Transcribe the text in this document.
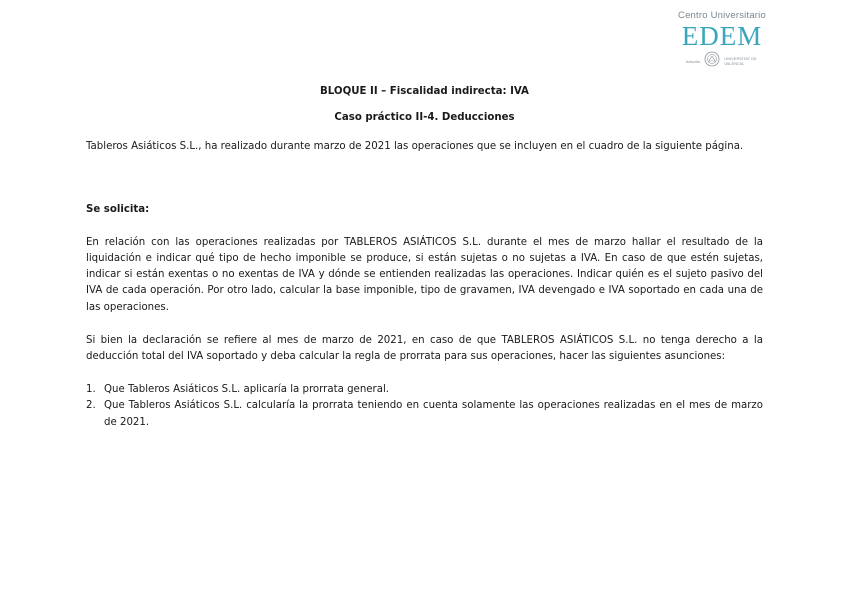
Centro Universitario
EDEM
Adscrito	UNIVERSITAT DE VALÈNCIA

BLOQUE II – Fiscalidad indirecta: IVA

Caso práctico II-4. Deducciones

Tableros Asiáticos S.L., ha realizado durante marzo de 2021 las operaciones que se incluyen en el cuadro de la siguiente página.

Se solicita:

En relación con las operaciones realizadas por TABLEROS ASIÁTICOS S.L. durante el mes de marzo hallar el resultado de la liquidación e indicar qué tipo de hecho imponible se produce, si están sujetas o no sujetas a IVA. En caso de que estén sujetas, indicar si están exentas o no exentas de IVA y dónde se entienden realizadas las operaciones. Indicar quién es el sujeto pasivo del IVA de cada operación. Por otro lado, calcular la base imponible, tipo de gravamen, IVA devengado e IVA soportado en cada una de las operaciones.

Si bien la declaración se refiere al mes de marzo de 2021, en caso de que TABLEROS ASIÁTICOS S.L. no tenga derecho a la deducción total del IVA soportado y deba calcular la regla de prorrata para sus operaciones, hacer las siguientes asunciones:

1. Que Tableros Asiáticos S.L. aplicaría la prorrata general.
2. Que Tableros Asiáticos S.L. calcularía la prorrata teniendo en cuenta solamente las operaciones realizadas en el mes de marzo de 2021.
